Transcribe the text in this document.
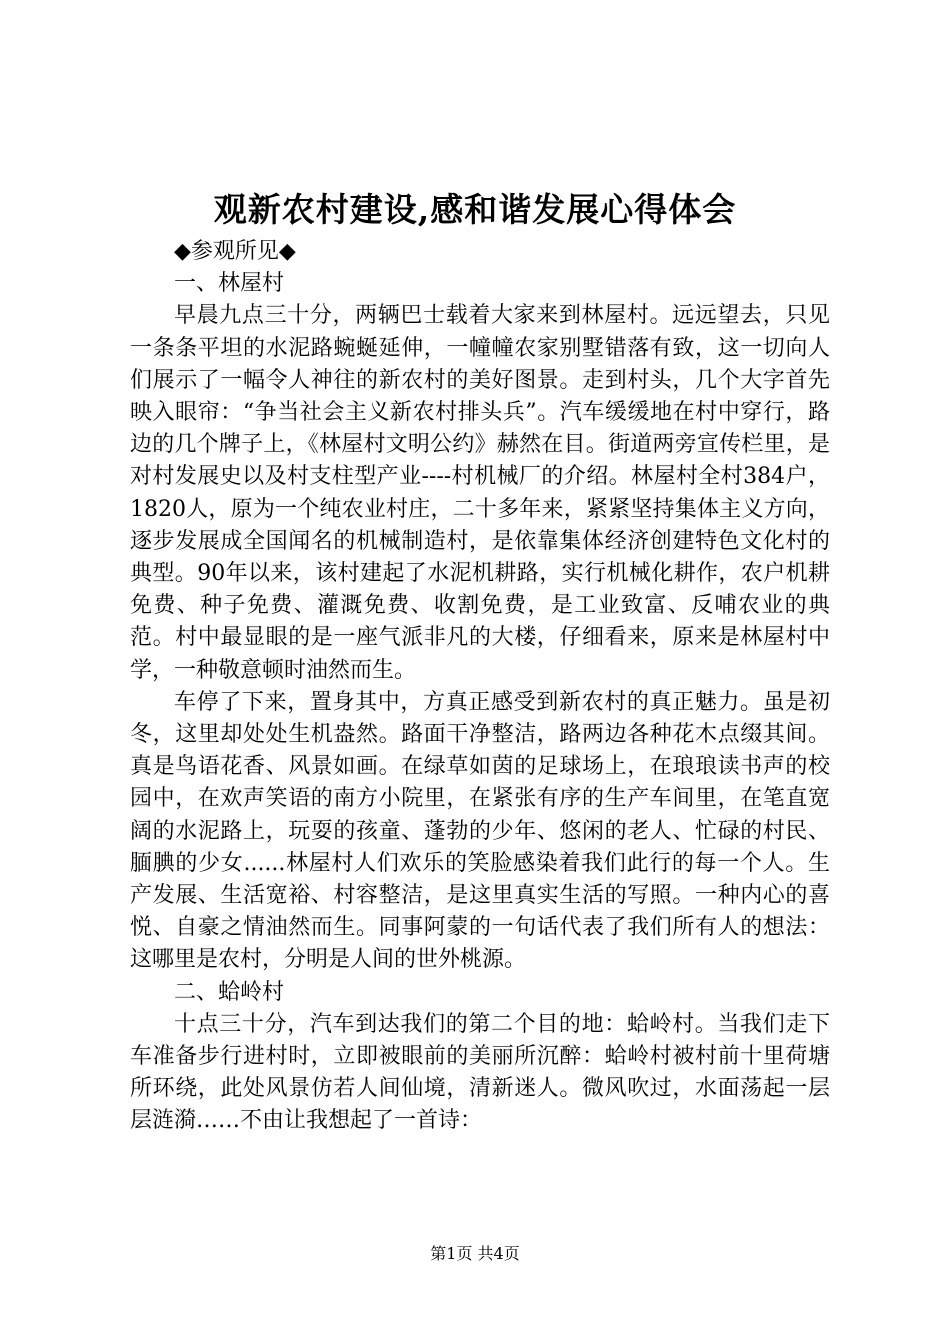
观新农村建设,感和谐发展心得体会

◆参观所见◆

一、林屋村

早晨九点三十分，两辆巴士载着大家来到林屋村。远远望去，只见一条条平坦的水泥路蜿蜒延伸，一幢幢农家别墅错落有致，这一切向人们展示了一幅令人神往的新农村的美好图景。走到村头，几个大字首先映入眼帘：“争当社会主义新农村排头兵”。汽车缓缓地在村中穿行，路边的几个牌子上，《林屋村文明公约》赫然在目。街道两旁宣传栏里，是对村发展史以及村支柱型产业----村机械厂的介绍。林屋村全村384户，1820人，原为一个纯农业村庄，二十多年来，紧紧坚持集体主义方向，逐步发展成全国闻名的机械制造村，是依靠集体经济创建特色文化村的典型。90年以来，该村建起了水泥机耕路，实行机械化耕作，农户机耕免费、种子免费、灌溉免费、收割免费，是工业致富、反哺农业的典范。村中最显眼的是一座气派非凡的大楼，仔细看来，原来是林屋村中学，一种敬意顿时油然而生。

车停了下来，置身其中，方真正感受到新农村的真正魅力。虽是初冬，这里却处处生机盎然。路面干净整洁，路两边各种花木点缀其间。真是鸟语花香、风景如画。在绿草如茵的足球场上，在琅琅读书声的校园中，在欢声笑语的南方小院里，在紧张有序的生产车间里，在笔直宽阔的水泥路上，玩耍的孩童、蓬勃的少年、悠闲的老人、忙碌的村民、腼腆的少女......林屋村人们欢乐的笑脸感染着我们此行的每一个人。生产发展、生活宽裕、村容整洁，是这里真实生活的写照。一种内心的喜悦、自豪之情油然而生。同事阿蒙的一句话代表了我们所有人的想法：这哪里是农村，分明是人间的世外桃源。

二、蛤岭村

十点三十分，汽车到达我们的第二个目的地：蛤岭村。当我们走下车准备步行进村时，立即被眼前的美丽所沉醉：蛤岭村被村前十里荷塘所环绕，此处风景仿若人间仙境，清新迷人。微风吹过，水面荡起一层层涟漪……不由让我想起了一首诗：

第1页 共4页
